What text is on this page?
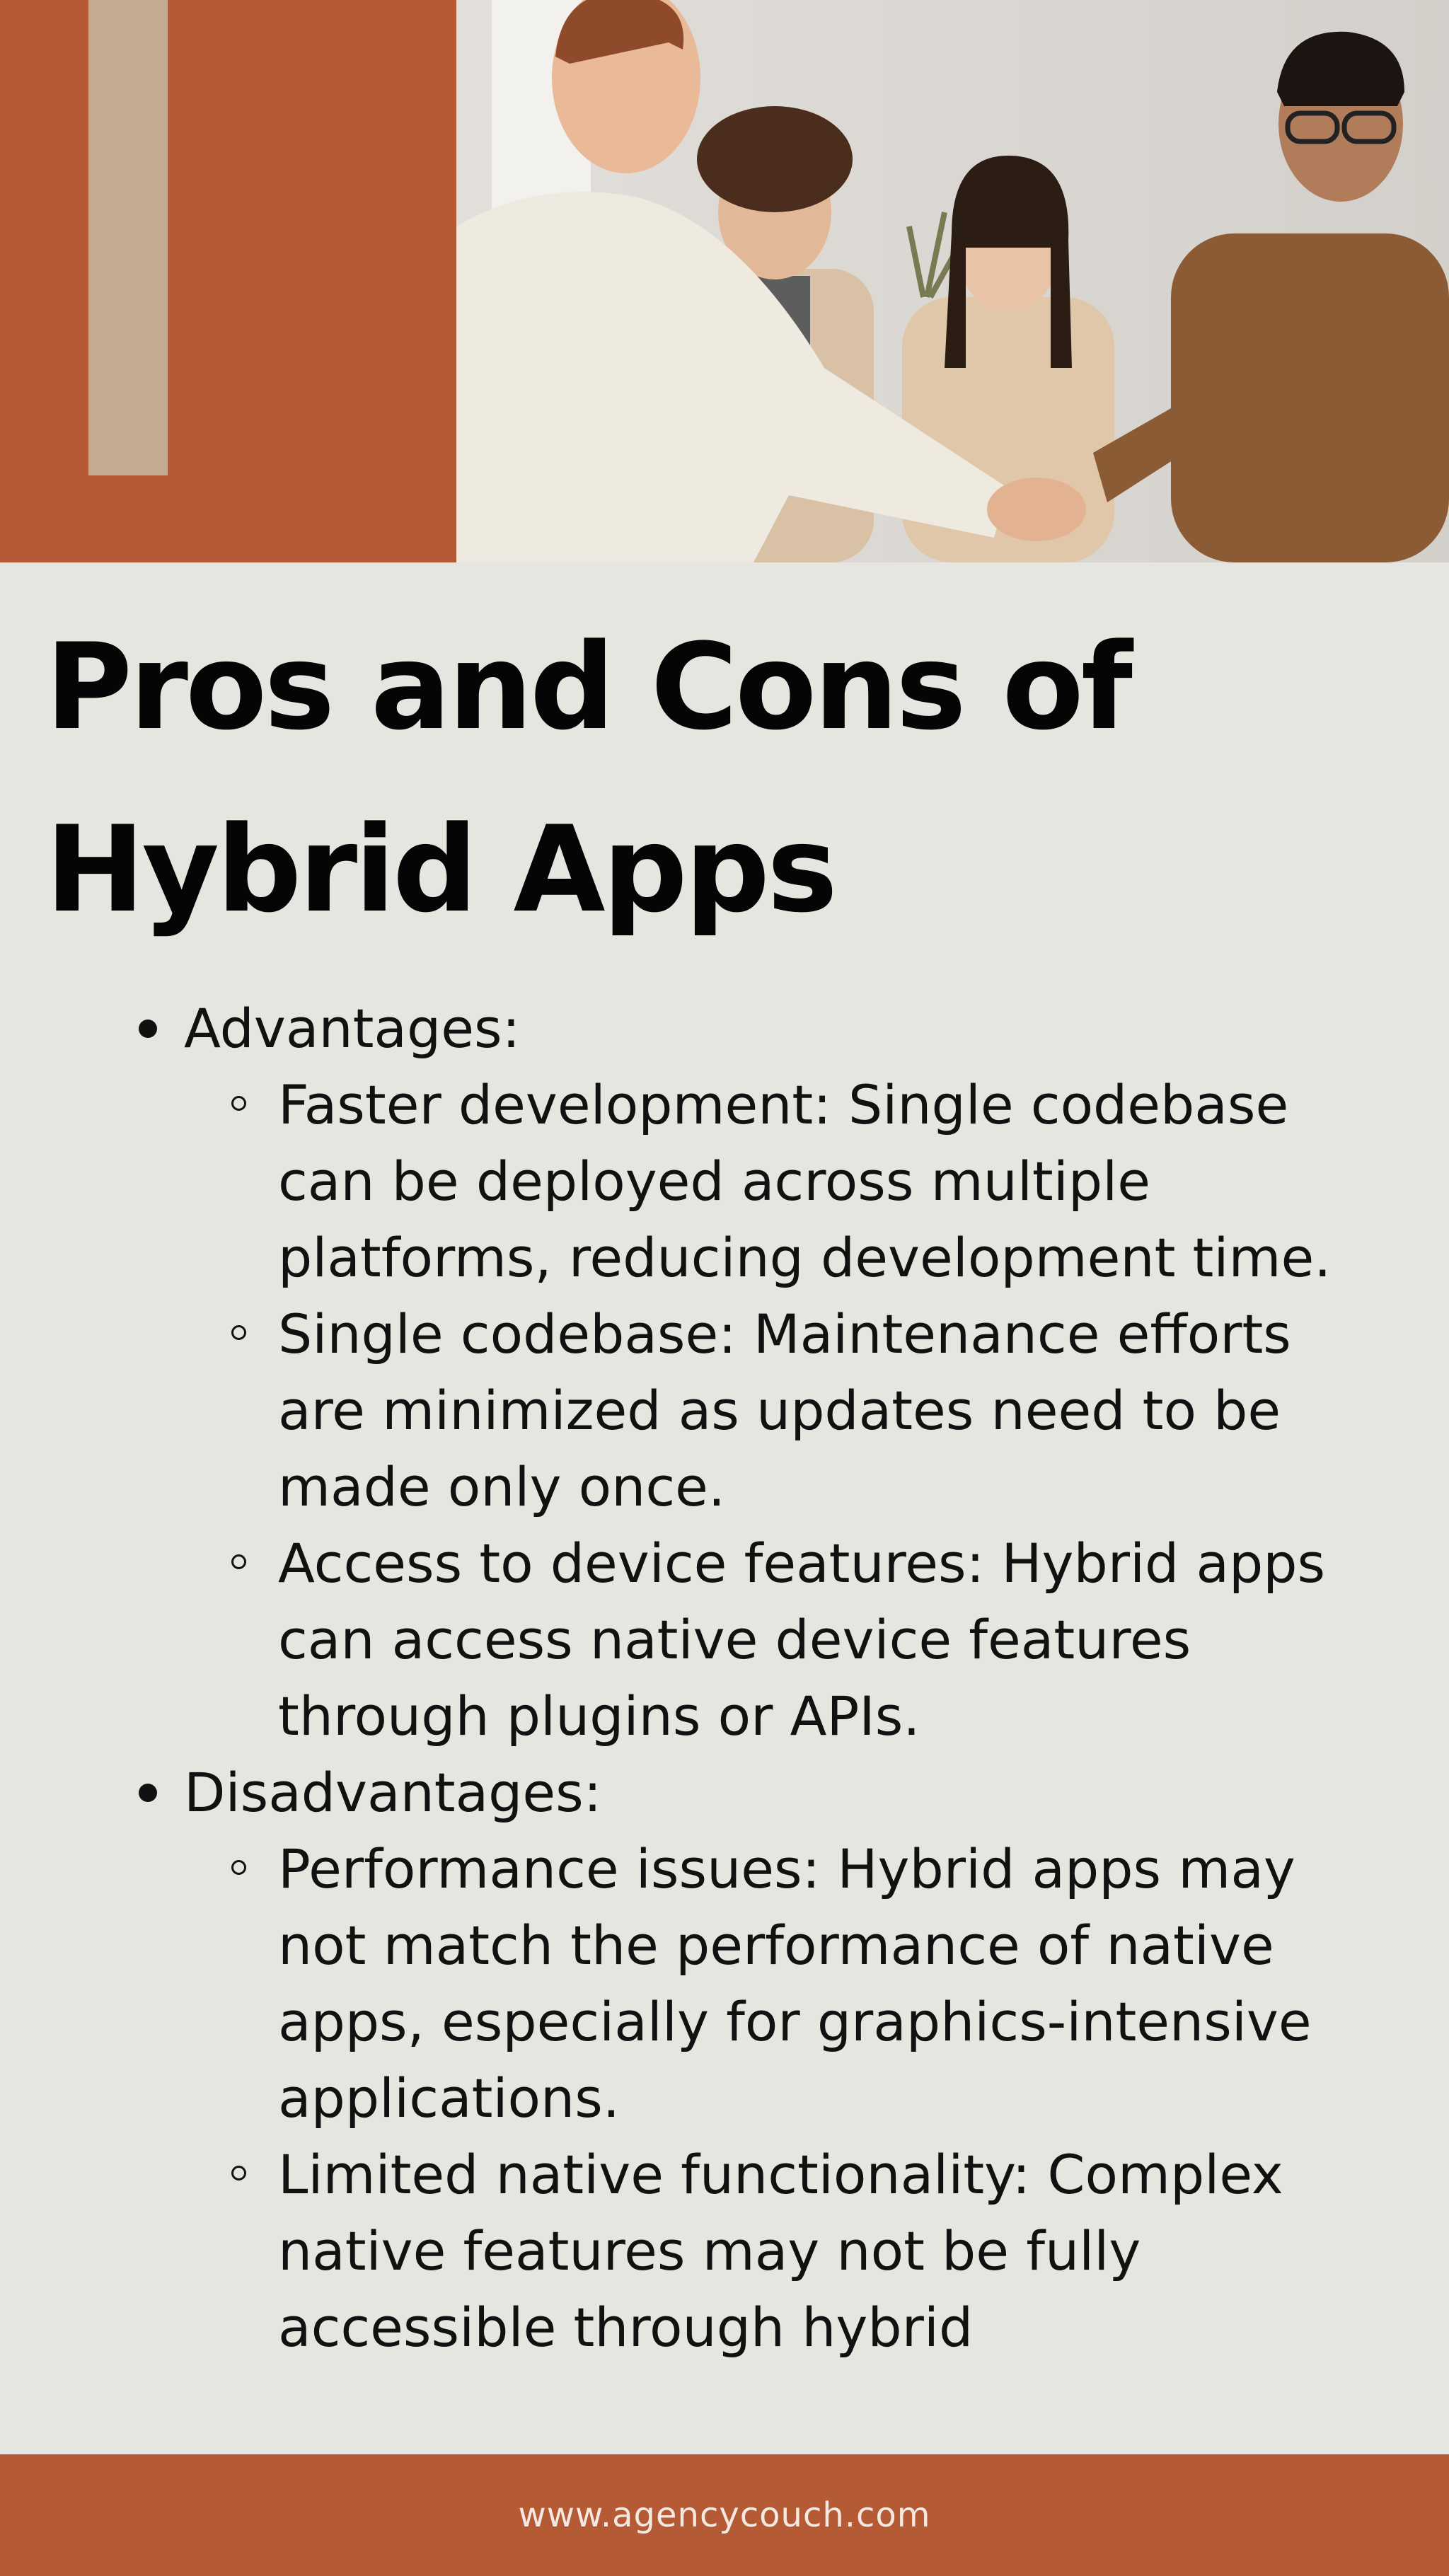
Pros and Cons of Hybrid Apps
Advantages:
Faster development: Single codebase can be deployed across multiple platforms, reducing development time.
Single codebase: Maintenance efforts are minimized as updates need to be made only once.
Access to device features: Hybrid apps can access native device features through plugins or APIs.
Disadvantages:
Performance issues: Hybrid apps may not match the performance of native apps, especially for graphics-intensive applications.
Limited native functionality: Complex native features may not be fully accessible through hybrid
www.agencycouch.com
